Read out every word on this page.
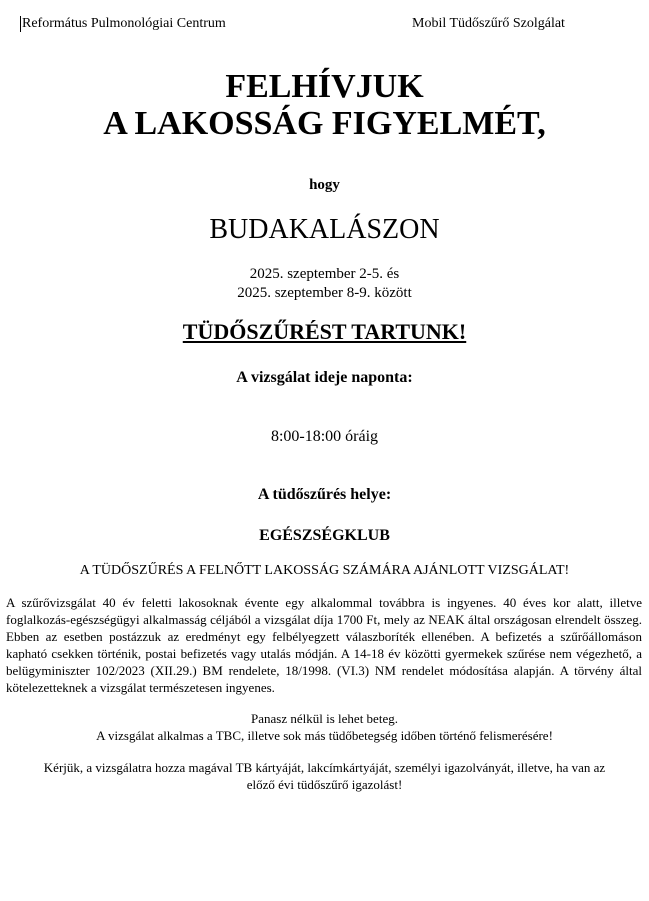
Református Pulmonológiai Centrum	Mobil Tüdőszűrő Szolgálat
FELHÍVJUK
A LAKOSSÁG FIGYELMÉT,
hogy
BUDAKALÁSZON
2025. szeptember 2-5. és
2025. szeptember 8-9. között
TÜDŐSZŰRÉST TARTUNK!
A vizsgálat ideje naponta:
8:00-18:00 óráig
A tüdőszűrés helye:
EGÉSZSÉGKLUB
A TÜDŐSZŰRÉS A FELNŐTT LAKOSSÁG SZÁMÁRA AJÁNLOTT VIZSGÁLAT!
A szűrővizsgálat 40 év feletti lakosoknak évente egy alkalommal továbbra is ingyenes. 40 éves kor alatt, illetve foglalkozás-egészségügyi alkalmasság céljából a vizsgálat díja 1700 Ft, mely az NEAK által országosan elrendelt összeg. Ebben az esetben postázzuk az eredményt egy felbélyegzett válaszboríték ellenében. A befizetés a szűrőállomáson kapható csekken történik, postai befizetés vagy utalás módján. A 14-18 év közötti gyermekek szűrése nem végezhető, a belügyminiszter 102/2023 (XII.29.) BM rendelete, 18/1998. (VI.3) NM rendelet módosítása alapján. A törvény által kötelezetteknek a vizsgálat természetesen ingyenes.
Panasz nélkül is lehet beteg.
A vizsgálat alkalmas a TBC, illetve sok más tüdőbetegség időben történő felismerésére!
Kérjük, a vizsgálatra hozza magával TB kártyáját, lakcímkártyáját, személyi igazolványát, illetve, ha van az
előző évi tüdőszűrő igazolást!
